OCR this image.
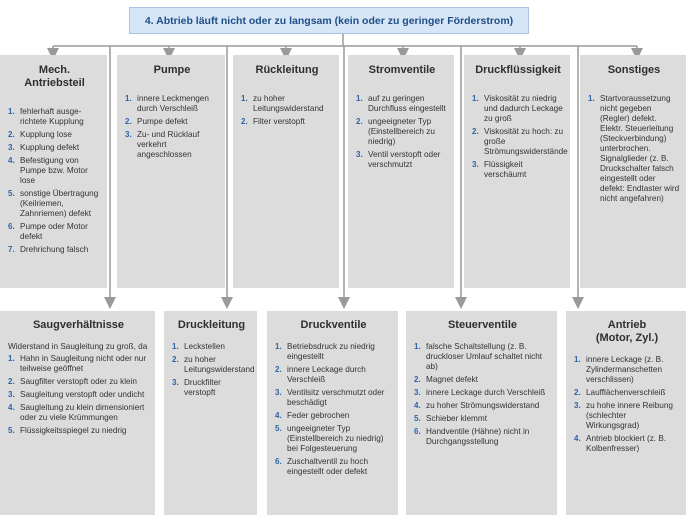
4. Abtrieb läuft nicht oder zu langsam (kein oder zu geringer Förderstrom)
Mech. Antriebsteil
1. fehlerhaft ausge-richtete Kupplung
2. Kupplung lose
3. Kupplung defekt
4. Befestigung von Pumpe bzw. Motor lose
5. sonstige Übertragung (Keilriemen, Zahnriemen) defekt
6. Pumpe oder Motor defekt
7. Drehrichung falsch
Pumpe
1. innere Leckmengen durch Verschleiß
2. Pumpe defekt
3. Zu- und Rücklauf verkehrt angeschlossen
Rückleitung
1. zu hoher Leitungswiderstand
2. Filter verstopft
Stromventile
1. auf zu geringen Durchfluss eingestellt
2. ungeeigneter Typ (Einstellbereich zu niedrig)
3. Ventil verstopft oder verschmutzt
Druckflüssigkeit
1. Viskosität zu niedrig und dadurch Leckage zu groß
2. Viskosität zu hoch: zu große Strömungswiderstände
3. Flüssigkeit verschäumt
Sonstiges
1. Startvoraussetzung nicht gegeben (Regler) defekt. Elektr. Steuerleitung (Steckverbindung) unterbrochen. Signalglieder (z. B. Druckschalter falsch eingestellt oder defekt: Endtaster wird nicht angefahren)
Saugverhältnisse
Widerstand in Saugleitung zu groß, da
1. Hahn in Saugleitung nicht oder nur teilweise geöffnet
2. Saugfilter verstopft oder zu klein
3. Saugleitung verstopft oder undicht
4. Saugleitung zu klein dimensioniert oder zu viele Krümmungen
5. Flüssigkeitsspiegel zu niedrig
Druckleitung
1. Leckstellen
2. zu hoher Leitungswiderstand
3. Druckfilter verstopft
Druckventile
1. Betriebsdruck zu niedrig eingestellt
2. innere Leckage durch Verschleiß
3. Ventilsitz verschmutzt oder beschädigt
4. Feder gebrochen
5. ungeeigneter Typ (Einstellbereich zu niedrig) bei Folgesteuerung
6. Zuschaltventil zu hoch eingestellt oder defekt
Steuerventile
1. falsche Schaltstellung (z. B. druckloser Umlauf schaltet nicht ab)
2. Magnet defekt
3. innere Leckage durch Verschleiß
4. zu hoher Strömungswiderstand
5. Schieber klemmt
6. Handventile (Hähne) nicht in Durchgangsstellung
Antrieb
(Motor, Zyl.)
1. innere Leckage (z. B. Zylindermanschetten verschlissen)
2. Laufflächenverschleiß
3. zu hohe innere Reibung (schlechter Wirkungsgrad)
4. Antrieb blockiert (z. B. Kolbenfresser)
